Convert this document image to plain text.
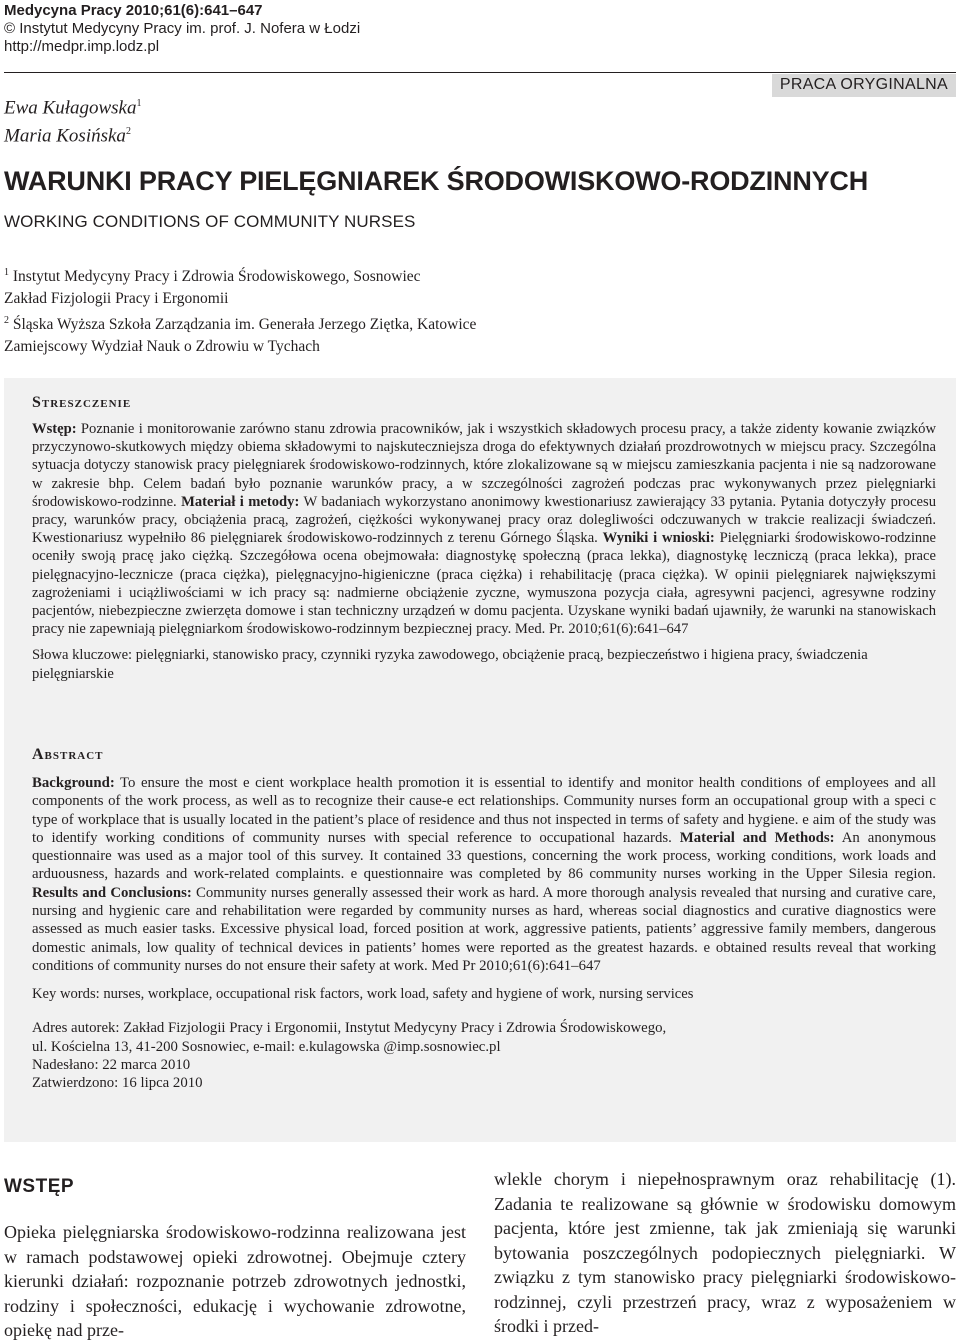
Medycyna Pracy 2010;61(6):641–647
© Instytut Medycyny Pracy im. prof. J. Nofera w Łodzi
http://medpr.imp.lodz.pl
PRACA ORYGINALNA
Ewa Kułagowska$^1$
Maria Kosińska$^2$
WARUNKI PRACY PIELĘGNIAREK ŚRODOWISKOWO-RODZINNYCH
WORKING CONDITIONS OF COMMUNITY NURSES
$^1$ Instytut Medycyny Pracy i Zdrowia Środowiskowego, Sosnowiec
Zakład Fizjologii Pracy i Ergonomii
$^2$ Śląska Wyższa Szkoła Zarządzania im. Generała Jerzego Ziętka, Katowice
Zamiejscowy Wydział Nauk o Zdrowiu w Tychach
Streszczenie

Wstęp: Poznanie i monitorowanie zarówno stanu zdrowia pracowników, jak i wszystkich składowych procesu pracy, a także zidenty kowanie związków przyczynowo-skutkowych między obiema składowymi to najskuteczniejsza droga do efektywnych działań prozdrowotnych w miejscu pracy. Szczególna sytuacja dotyczy stanowisk pracy pielęgniarek środowiskowo-rodzinnych, które zlokalizowane są w miejscu zamieszkania pacjenta i nie są nadzorowane w zakresie bhp. Celem badań było poznanie warunków pracy, a w szczególności zagrożeń podczas prac wykonywanych przez pielęgniarki środowiskowo-rodzinne. Materiał i metody: W badaniach wykorzystano anonimowy kwestionariusz zawierający 33 pytania. Pytania dotyczyły procesu pracy, warunków pracy, obciążenia pracą, zagrożeń, ciężkości wykonywanej pracy oraz dolegliwości odczuwanych w trakcie realizacji świadczeń. Kwestionariusz wypełniło 86 pielęgniarek środowiskowo-rodzinnych z terenu Górnego Śląska. Wyniki i wnioski: Pielęgniarki środowiskowo-rodzinne oceniły swoją pracę jako ciężką. Szczegółowa ocena obejmowała: diagnostykę społeczną (praca lekka), diagnostykę leczniczą (praca lekka), prace pielęgnacyjno-lecznicze (praca ciężka), pielęgnacyjno-higieniczne (praca ciężka) i rehabilitację (praca ciężka). W opinii pielęgniarek największymi zagrożeniami i uciążliwościami w ich pracy są: nadmierne obciążenie zyczne, wymuszona pozycja ciała, agresywni pacjenci, agresywne rodziny pacjentów, niebezpieczne zwierzęta domowe i stan techniczny urządzeń w domu pacjenta. Uzyskane wyniki badań ujawniły, że warunki na stanowiskach pracy nie zapewniają pielęgniarkom środowiskowo-rodzinnym bezpiecznej pracy. Med. Pr. 2010;61(6):641–647

Słowa kluczowe: pielęgniarki, stanowisko pracy, czynniki ryzyka zawodowego, obciążenie pracą, bezpieczeństwo i higiena pracy, świadczenia pielęgniarskie

Abstract

Background: To ensure the most e cient workplace health promotion it is essential to identify and monitor health conditions of employees and all components of the work process, as well as to recognize their cause-e ect relationships. Community nurses form an occupational group with a speci c type of workplace that is usually located in the patient’s place of residence and thus not inspected in terms of safety and hygiene. e aim of the study was to identify working conditions of community nurses with special reference to occupational hazards. Material and Methods: An anonymous questionnaire was used as a major tool of this survey. It contained 33 questions, concerning the work process, working conditions, work loads and arduousness, hazards and work-related complaints. e questionnaire was completed by 86 community nurses working in the Upper Silesia region. Results and Conclusions: Community nurses generally assessed their work as hard. A more thorough analysis revealed that nursing and curative care, nursing and hygienic care and rehabilitation were regarded by community nurses as hard, whereas social diagnostics and curative diagnostics were assessed as much easier tasks. Excessive physical load, forced position at work, aggressive patients, patients’ aggressive family members, dangerous domestic animals, low quality of technical devices in patients’ homes were reported as the greatest hazards. e obtained results reveal that working conditions of community nurses do not ensure their safety at work. Med Pr 2010;61(6):641–647

Key words: nurses, workplace, occupational risk factors, work load, safety and hygiene of work, nursing services

Adres autorek: Zakład Fizjologii Pracy i Ergonomii, Instytut Medycyny Pracy i Zdrowia Środowiskowego,
ul. Kościelna 13, 41-200 Sosnowiec, e-mail: e.kulagowska @imp.sosnowiec.pl
Nadesłano: 22 marca 2010
Zatwierdzono: 16 lipca 2010
WSTĘP

Opieka pielęgniarska środowiskowo-rodzinna realizowana jest w ramach podstawowej opieki zdrowotnej. Obejmuje cztery kierunki działań: rozpoznanie potrzeb zdrowotnych jednostki, rodziny i społeczności, edukację i wychowanie zdrowotne, opiekę nad prze-

wlekle chorym i niepełnosprawnym oraz rehabilitację (1). Zadania te realizowane są głównie w środowisku domowym pacjenta, które jest zmienne, tak jak zmieniają się warunki bytowania poszczególnych podopiecznych pielęgniarki. W związku z tym stanowisko pracy pielęgniarki środowiskowo-rodzinnej, czyli przestrzeń pracy, wraz z wyposażeniem w środki i przed-
